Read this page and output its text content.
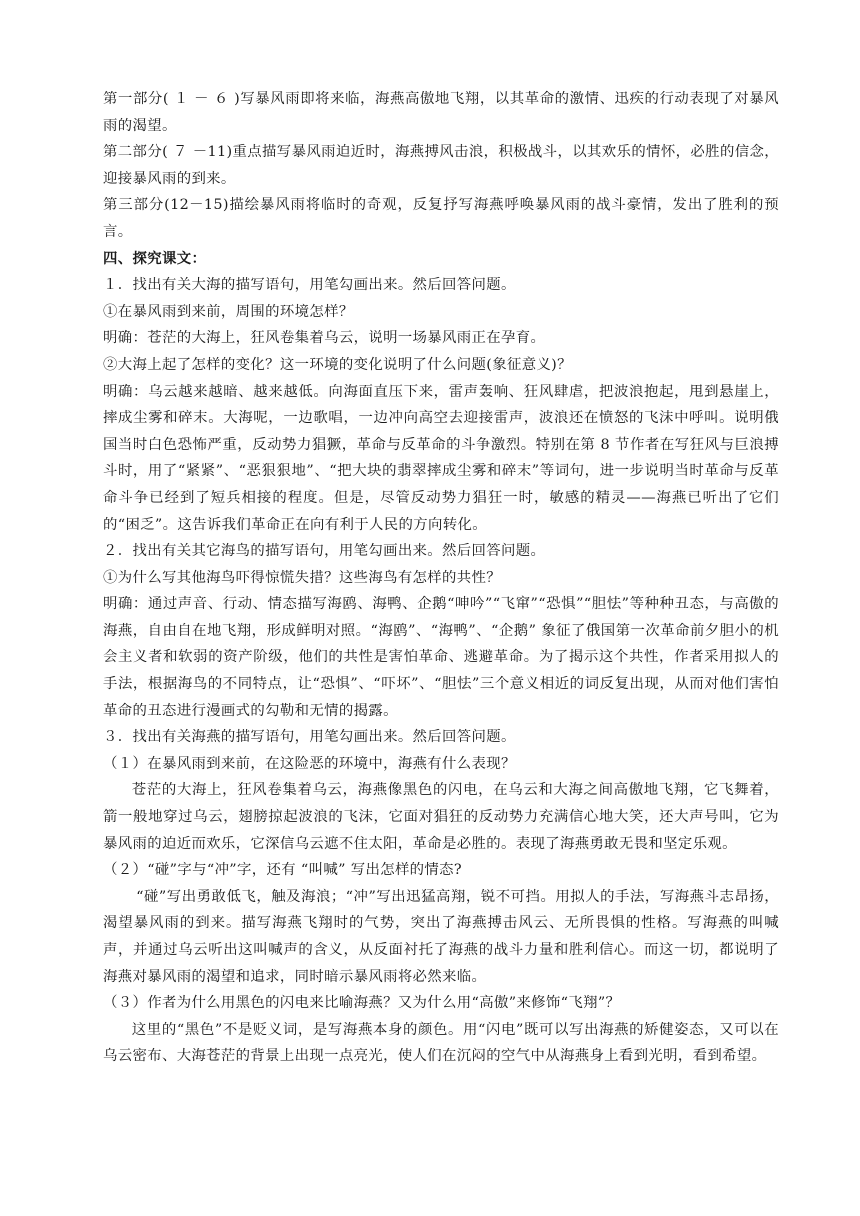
第一部分( １ － ６ )写暴风雨即将来临，海燕高傲地飞翔，以其革命的激情、迅疾的行动表现了对暴风雨的渴望。

第二部分( ７ －11)重点描写暴风雨迫近时，海燕搏风击浪，积极战斗，以其欢乐的情怀，必胜的信念，迎接暴风雨的到来。

第三部分(12－15)描绘暴风雨将临时的奇观，反复抒写海燕呼唤暴风雨的战斗豪情，发出了胜利的预言。

四、探究课文：

１．找出有关大海的描写语句，用笔勾画出来。然后回答问题。

①在暴风雨到来前，周围的环境怎样？

明确：苍茫的大海上，狂风卷集着乌云，说明一场暴风雨正在孕育。

②大海上起了怎样的变化？这一环境的变化说明了什么问题(象征意义)？

明确：乌云越来越暗、越来越低。向海面直压下来，雷声轰响、狂风肆虐，把波浪抱起，甩到悬崖上，摔成尘雾和碎末。大海呢，一边歌唱，一边冲向高空去迎接雷声，波浪还在愤怒的飞沫中呼叫。说明俄国当时白色恐怖严重，反动势力猖獗，革命与反革命的斗争激烈。特别在第 8 节作者在写狂风与巨浪搏斗时，用了“紧紧”、“恶狠狠地”、“把大块的翡翠摔成尘雾和碎末”等词句，进一步说明当时革命与反革命斗争已经到了短兵相接的程度。但是，尽管反动势力猖狂一时，敏感的精灵——海燕已听出了它们的“困乏”。这告诉我们革命正在向有利于人民的方向转化。

２．找出有关其它海鸟的描写语句，用笔勾画出来。然后回答问题。

①为什么写其他海鸟吓得惊慌失措？这些海鸟有怎样的共性？

明确：通过声音、行动、情态描写海鸥、海鸭、企鹅“呻吟”“飞窜”“恐惧”“胆怯”等种种丑态，与高傲的海燕，自由自在地飞翔，形成鲜明对照。“海鸥”、“海鸭”、“企鹅” 象征了俄国第一次革命前夕胆小的机会主义者和软弱的资产阶级，他们的共性是害怕革命、逃避革命。为了揭示这个共性，作者采用拟人的手法，根据海鸟的不同特点，让“恐惧”、“吓坏”、“胆怯”三个意义相近的词反复出现，从而对他们害怕革命的丑态进行漫画式的勾勒和无情的揭露。

３．找出有关海燕的描写语句，用笔勾画出来。然后回答问题。

（１）在暴风雨到来前，在这险恶的环境中，海燕有什么表现？

苍茫的大海上，狂风卷集着乌云，海燕像黑色的闪电，在乌云和大海之间高傲地飞翔，它飞舞着，箭一般地穿过乌云，翅膀掠起波浪的飞沫，它面对猖狂的反动势力充满信心地大笑，还大声号叫，它为暴风雨的迫近而欢乐，它深信乌云遮不住太阳，革命是必胜的。表现了海燕勇敢无畏和坚定乐观。

（２）“碰”字与“冲”字，还有 “叫喊” 写出怎样的情态?

“碰”写出勇敢低飞，触及海浪；“冲”写出迅猛高翔，锐不可挡。用拟人的手法，写海燕斗志昂扬，渴望暴风雨的到来。描写海燕飞翔时的气势，突出了海燕搏击风云、无所畏惧的性格。写海燕的叫喊声，并通过乌云听出这叫喊声的含义，从反面衬托了海燕的战斗力量和胜利信心。而这一切，都说明了海燕对暴风雨的渴望和追求，同时暗示暴风雨将必然来临。

（３）作者为什么用黑色的闪电来比喻海燕？又为什么用“高傲”来修饰“飞翔”？

这里的“黑色”不是贬义词，是写海燕本身的颜色。用“闪电”既可以写出海燕的矫健姿态，又可以在乌云密布、大海苍茫的背景上出现一点亮光，使人们在沉闷的空气中从海燕身上看到光明，看到希望。
